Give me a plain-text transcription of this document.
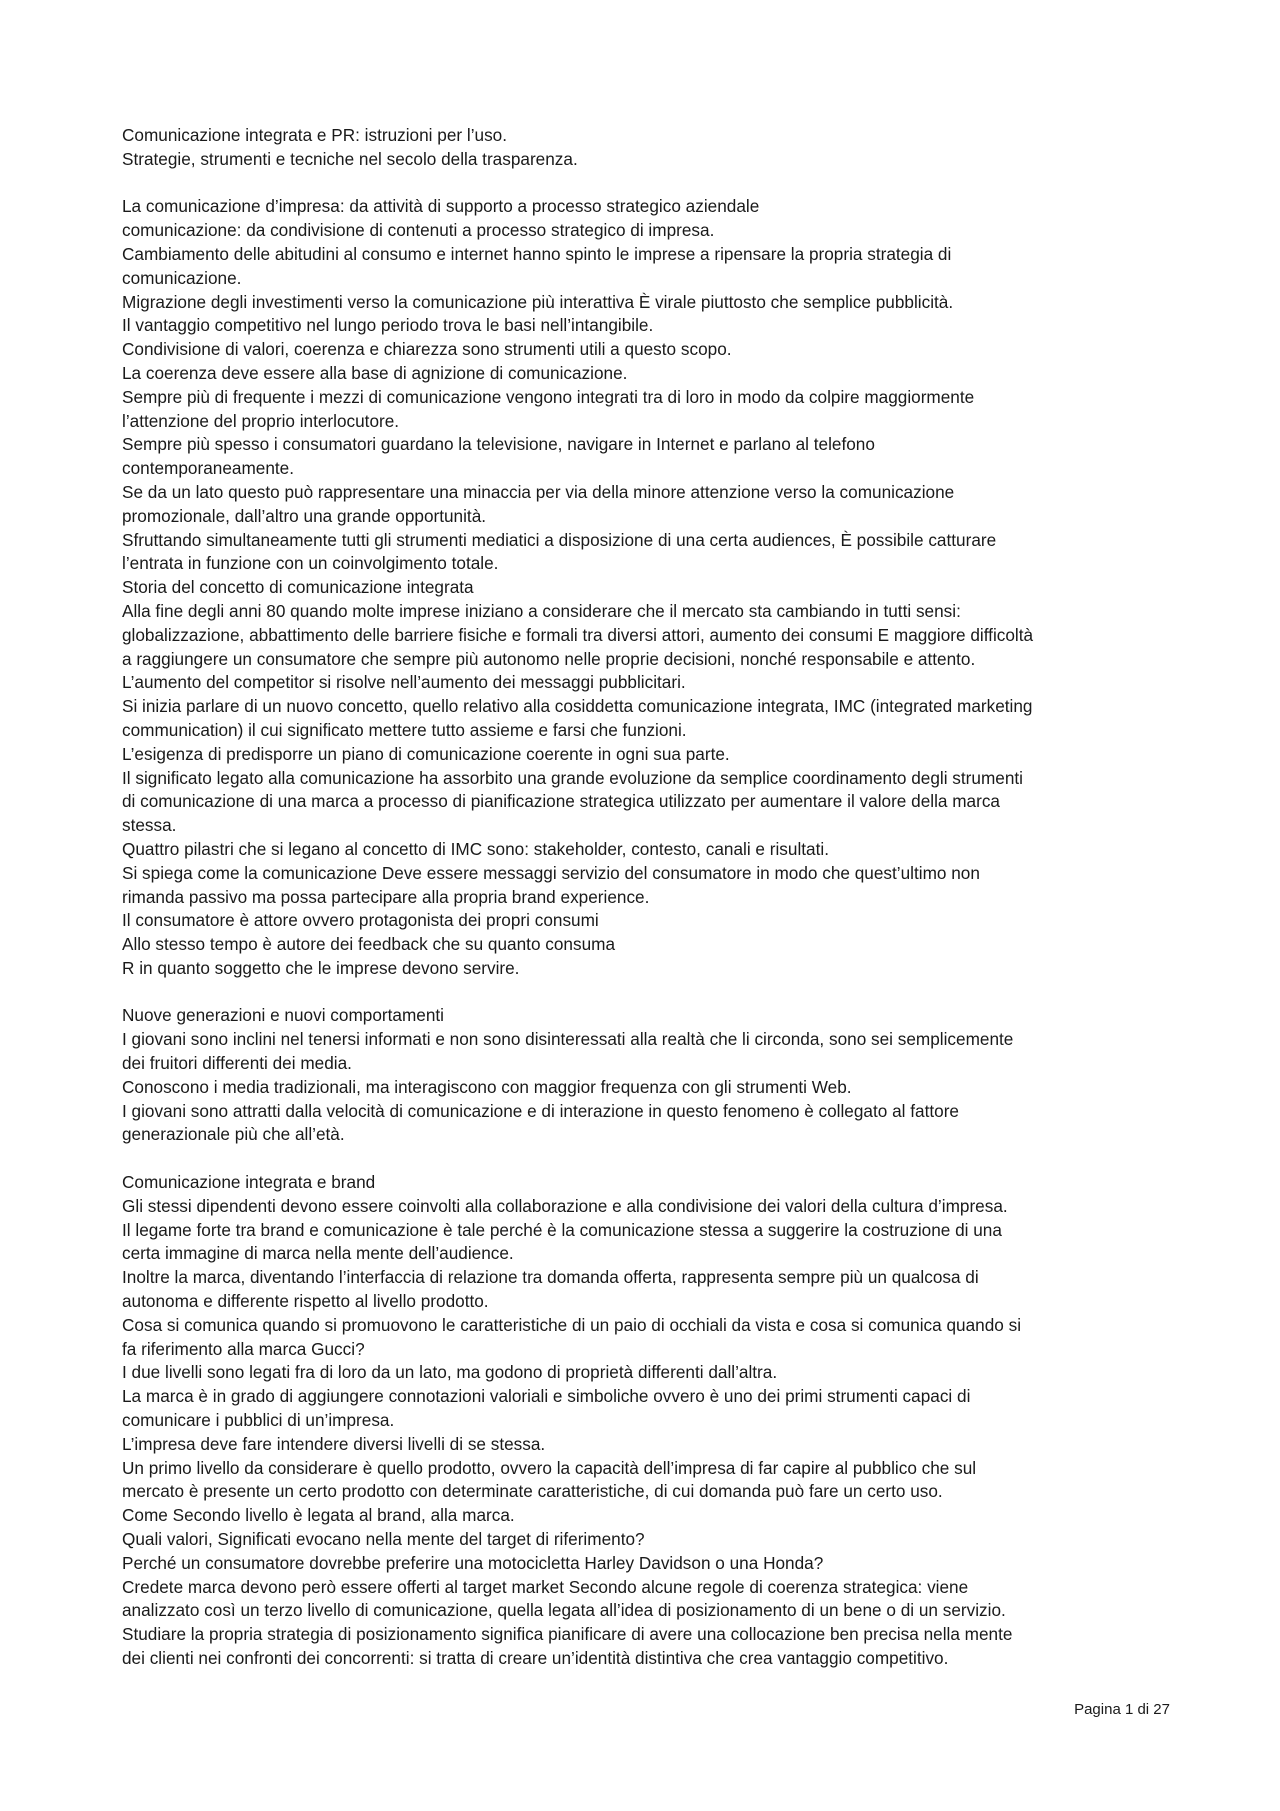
Comunicazione integrata e PR: istruzioni per l’uso.

Strategie, strumenti e tecniche nel secolo della trasparenza.

La comunicazione d’impresa: da attività di supporto a processo strategico aziendale

comunicazione: da condivisione di contenuti a processo strategico di impresa.

Cambiamento delle abitudini al consumo e internet hanno spinto le imprese a ripensare la propria strategia di

comunicazione.

Migrazione degli investimenti verso la comunicazione più interattiva È virale piuttosto che semplice pubblicità.

Il vantaggio competitivo nel lungo periodo trova le basi nell’intangibile.

Condivisione di valori, coerenza e chiarezza sono strumenti utili a questo scopo.

La coerenza deve essere alla base di agnizione di comunicazione.

Sempre più di frequente i mezzi di comunicazione vengono integrati tra di loro in modo da colpire maggiormente

l’attenzione del proprio interlocutore.

Sempre più spesso i consumatori guardano la televisione, navigare in Internet e parlano al telefono

contemporaneamente.

Se da un lato questo può rappresentare una minaccia per via della minore attenzione verso la comunicazione

promozionale, dall’altro una grande opportunità.

Sfruttando simultaneamente tutti gli strumenti mediatici a disposizione di una certa audiences, È possibile catturare

l’entrata in funzione con un coinvolgimento totale.

Storia del concetto di comunicazione integrata

Alla fine degli anni 80 quando molte imprese iniziano a considerare che il mercato sta cambiando in tutti sensi:

globalizzazione, abbattimento delle barriere fisiche e formali tra diversi attori, aumento dei consumi E maggiore difficoltà

a raggiungere un consumatore che sempre più autonomo nelle proprie decisioni, nonché responsabile e attento.

L’aumento del competitor si risolve nell’aumento dei messaggi pubblicitari.

Si inizia parlare di un nuovo concetto, quello relativo alla cosiddetta comunicazione integrata, IMC (integrated marketing

communication) il cui significato mettere tutto assieme e farsi che funzioni.

L’esigenza di predisporre un piano di comunicazione coerente in ogni sua parte.

Il significato legato alla comunicazione ha assorbito una grande evoluzione da semplice coordinamento degli strumenti

di comunicazione di una marca a processo di pianificazione strategica utilizzato per aumentare il valore della marca

stessa.

Quattro pilastri che si legano al concetto di IMC sono: stakeholder, contesto, canali e risultati.

Si spiega come la comunicazione Deve essere messaggi servizio del consumatore in modo che quest’ultimo non

rimanda passivo ma possa partecipare alla propria brand experience.

Il consumatore è attore ovvero protagonista dei propri consumi

Allo stesso tempo è autore dei feedback che su quanto consuma

R in quanto soggetto che le imprese devono servire.

Nuove generazioni e nuovi comportamenti

I giovani sono inclini nel tenersi informati e non sono disinteressati alla realtà che li circonda, sono sei semplicemente

dei fruitori differenti dei media.

Conoscono i media tradizionali, ma interagiscono con maggior frequenza con gli strumenti Web.

I giovani sono attratti dalla velocità di comunicazione e di interazione in questo fenomeno è collegato al fattore

generazionale più che all’età.

Comunicazione integrata e brand

Gli stessi dipendenti devono essere coinvolti alla collaborazione e alla condivisione dei valori della cultura d’impresa.

Il legame forte tra brand e comunicazione è tale perché è la comunicazione stessa a suggerire la costruzione di una

certa immagine di marca nella mente dell’audience.

Inoltre la marca, diventando l’interfaccia di relazione tra domanda offerta, rappresenta sempre più un qualcosa di

autonoma e differente rispetto al livello prodotto.

Cosa si comunica quando si promuovono le caratteristiche di un paio di occhiali da vista e cosa si comunica quando si

fa riferimento alla marca Gucci?

I due livelli sono legati fra di loro da un lato, ma godono di proprietà differenti dall’altra.

La marca è in grado di aggiungere connotazioni valoriali e simboliche ovvero è uno dei primi strumenti capaci di

comunicare i pubblici di un’impresa.

L’impresa deve fare intendere diversi livelli di se stessa.

Un primo livello da considerare è quello prodotto, ovvero la capacità dell’impresa di far capire al pubblico che sul

mercato è presente un certo prodotto con determinate caratteristiche, di cui domanda può fare un certo uso.

Come Secondo livello è legata al brand, alla marca.

Quali valori, Significati evocano nella mente del target di riferimento?

Perché un consumatore dovrebbe preferire una motocicletta Harley Davidson o una Honda?

Credete marca devono però essere offerti al target market Secondo alcune regole di coerenza strategica: viene

analizzato così un terzo livello di comunicazione, quella legata all’idea di posizionamento di un bene o di un servizio.

Studiare la propria strategia di posizionamento significa pianificare di avere una collocazione ben precisa nella mente

dei clienti nei confronti dei concorrenti: si tratta di creare un’identità distintiva che crea vantaggio competitivo.

Pagina 1 di 27
